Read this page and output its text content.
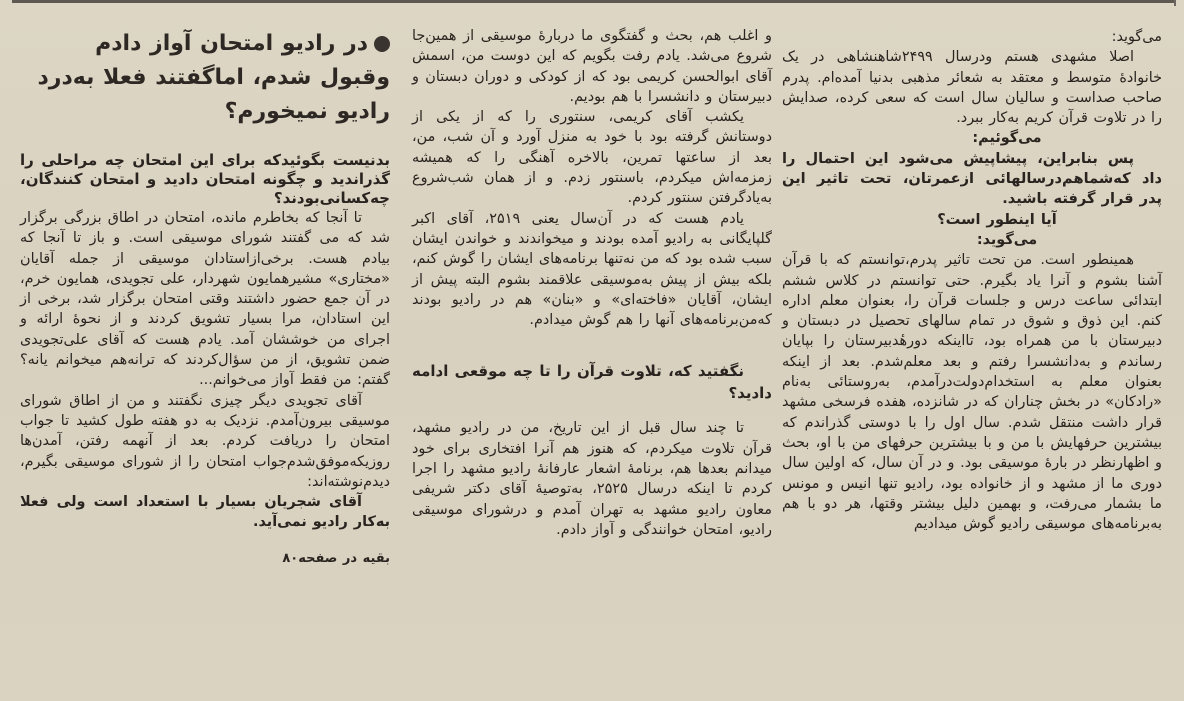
می‌گوید:

اصلا مشهدی هستم ودرسال ۲۴۹۹شاهنشاهی در یک خانوادهٔ متوسط و معتقد به شعائر مذهبی بدنیا آمده‌ام. پدرم صاحب صداست و سالیان سال است که سعی کرده، صدایش را در تلاوت قرآن کریم به‌کار ببرد.

می‌گوئیم:

پس بنابراین، پیشاپیش می‌شود این احتمال را داد که‌شماهم‌درسالهائی ازعمرتان، تحت تاثیر این پدر قرار گرفته باشید.

آیا اینطور است؟

می‌گوید:

همینطور است. من تحت تاثیر پدرم،توانستم که با قرآن آشنا بشوم و آنرا یاد بگیرم. حتی توانستم در کلاس ششم ابتدائی ساعت درس و جلسات قرآن را، بعنوان معلم اداره کنم. این ذوق و شوق در تمام سالهای تحصیل در دبستان و دبیرستان با من همراه بود، تااینکه دورهٔدبیرستان را بپایان رساندم و به‌دانشسرا رفتم و بعد معلم‌شدم. بعد از اینکه بعنوان معلم به استخدام‌دولت‌درآمدم، به‌روستائی به‌نام «رادکان» در بخش چناران که در شانزده، هفده فرسخی مشهد قرار داشت منتقل شدم. سال اول را با دوستی گذراندم که بیشترین حرفهایش با من و با بیشترین حرفهای من با او، بحث و اظهارنظر در بارهٔ موسیقی بود. و در آن سال، که اولین سال دوری ما از مشهد و از خانواده بود، رادیو تنها انیس و مونس ما بشمار می‌رفت، و بهمین دلیل بیشتر وقتها، هر دو با هم به‌برنامه‌های موسیقی رادیو گوش میدادیم

و اغلب هم، بحث و گفتگوی ما دربارهٔ موسیقی از همین‌جا شروع می‌شد. یادم رفت بگویم که این دوست من، اسمش آقای ابوالحسن کریمی بود که از کودکی و دوران دبستان و دبیرستان و دانشسرا با هم بودیم.

یکشب آقای کریمی، سنتوری را که از یکی از دوستانش گرفته بود با خود به منزل آورد و آن شب، من، بعد از ساعتها تمرین، بالاخره آهنگی را که همیشه زمزمه‌اش میکردم، باسنتور زدم. و از همان شب‌شروع به‌یادگرفتن سنتور کردم.

یادم هست که در آن‌سال یعنی ۲۵۱۹، آقای اکبر گلپایگانی به رادیو آمده بودند و میخواندند و خواندن ایشان سبب شده بود که من نه‌تنها برنامه‌های ایشان را گوش کنم، بلکه بیش از پیش به‌موسیقی علاقمند بشوم البته پیش از ایشان، آقایان «فاخته‌ای» و «بنان» هم در رادیو بودند که‌من‌برنامه‌های آنها را هم گوش میدادم.

نگفتید که، تلاوت قرآن را تا چه موقعی ادامه دادید؟

تا چند سال قبل از این تاریخ، من در رادیو مشهد، قرآن تلاوت میکردم، که هنوز هم آنرا افتخاری برای خود میدانم بعدها هم، برنامهٔ اشعار عارفانهٔ رادیو مشهد را اجرا کردم تا اینکه درسال ۲۵۲۵، به‌توصیهٔ آقای دکتر شریفی معاون رادیو مشهد به تهران آمدم و درشورای موسیقی رادیو، امتحان خوانندگی و آواز دادم.

در رادیو امتحان آواز دادم وقبول شدم، اماگفتند فعلا به‌درد رادیو نمیخورم؟

بدنیست بگوئیدکه برای این امتحان چه مراحلی را گذراندید و چگونه امتحان دادید و امتحان کنندگان، چه‌کسانی‌بودند؟

تا آنجا که بخاطرم مانده، امتحان در اطاق بزرگی برگزار شد که می گفتند شورای موسیقی است. و باز تا آنجا که بیادم هست. برخی‌ازاستادان موسیقی از جمله آقایان «مختاری» مشیرهمایون شهردار، علی تجویدی، همایون خرم، در آن جمع حضور داشتند وقتی امتحان برگزار شد، برخی از این استادان، مرا بسیار تشویق کردند و از نحوهٔ ارائه و اجرای من خوششان آمد. یادم هست که آقای علی‌تجویدی ضمن تشویق، از من سؤال‌کردند که ترانه‌هم میخوانم یانه؟ گفتم: من فقط آواز می‌خوانم...

آقای تجویدی دیگر چیزی نگفتند و من از اطاق شورای موسیقی بیرون‌آمدم. نزدیک به دو هفته طول کشید تا جواب امتحان را دریافت کردم. بعد از آنهمه رفتن، آمدن‌ها روزیکه‌موفق‌شدم‌جواب امتحان را از شورای موسیقی بگیرم، دیدم‌نوشته‌اند:

آقای شجریان بسیار با استعداد است ولی فعلا به‌کار رادیو نمی‌آید.

بقیه در صفحه۸۰
